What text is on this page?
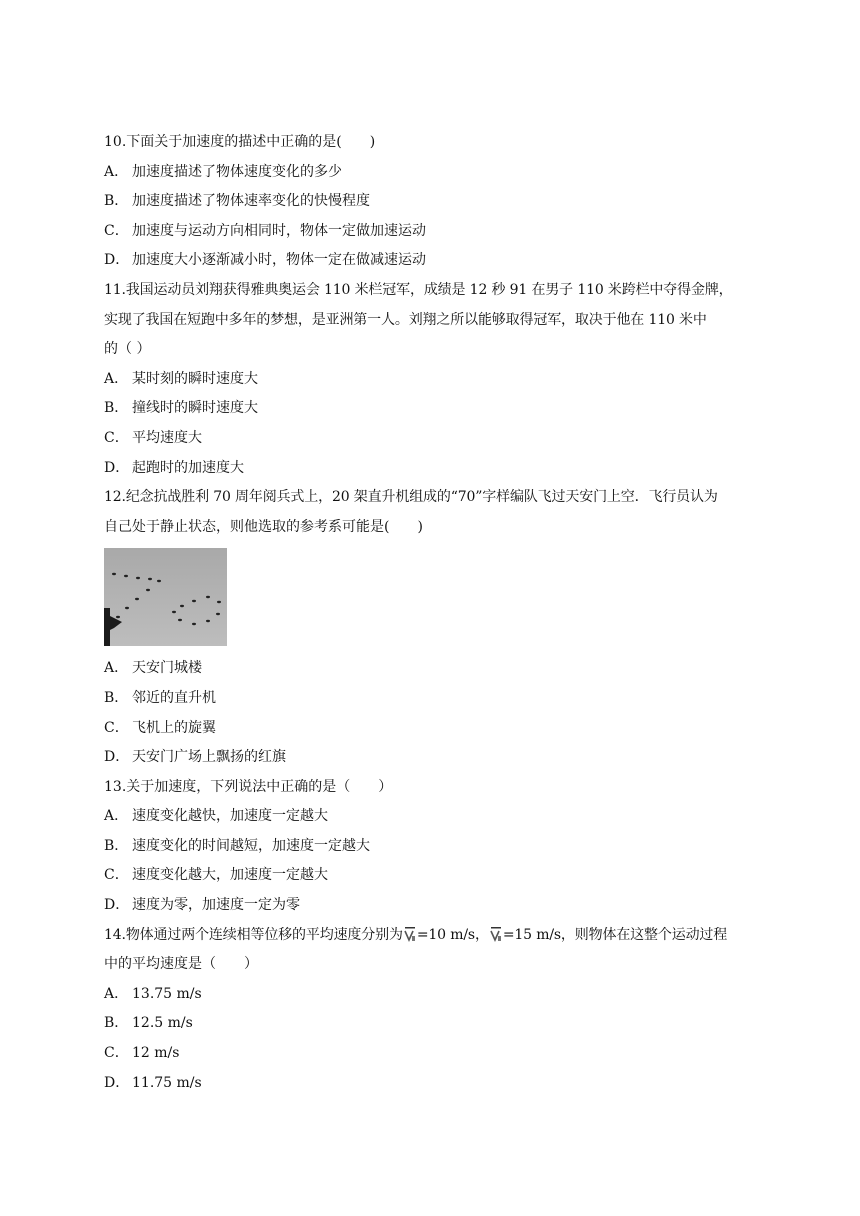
10.下面关于加速度的描述中正确的是(　　)
A． 加速度描述了物体速度变化的多少
B． 加速度描述了物体速率变化的快慢程度
C． 加速度与运动方向相同时，物体一定做加速运动
D． 加速度大小逐渐减小时，物体一定在做减速运动
11.我国运动员刘翔获得雅典奥运会 110 米栏冠军，成绩是 12 秒 91 在男子 110 米跨栏中夺得金牌，
实现了我国在短跑中多年的梦想，是亚洲第一人。刘翔之所以能够取得冠军，取决于他在 110 米中
的（ ）
A． 某时刻的瞬时速度大
B． 撞线时的瞬时速度大
C． 平均速度大
D． 起跑时的加速度大
12.纪念抗战胜利 70 周年阅兵式上，20 架直升机组成的“70”字样编队飞过天安门上空．飞行员认为
自己处于静止状态，则他选取的参考系可能是(　　)
A． 天安门城楼
B． 邻近的直升机
C． 飞机上的旋翼
D． 天安门广场上飘扬的红旗
13.关于加速度，下列说法中正确的是（　　）
A． 速度变化越快，加速度一定越大
B． 速度变化的时间越短，加速度一定越大
C． 速度变化越大，加速度一定越大
D． 速度为零，加速度一定为零
14.物体通过两个连续相等位移的平均速度分别为 =10 m/s， =15 m/s，则物体在这整个运动过程
中的平均速度是（　　）
A． 13.75 m/s
B． 12.5 m/s
C． 12 m/s
D． 11.75 m/s
